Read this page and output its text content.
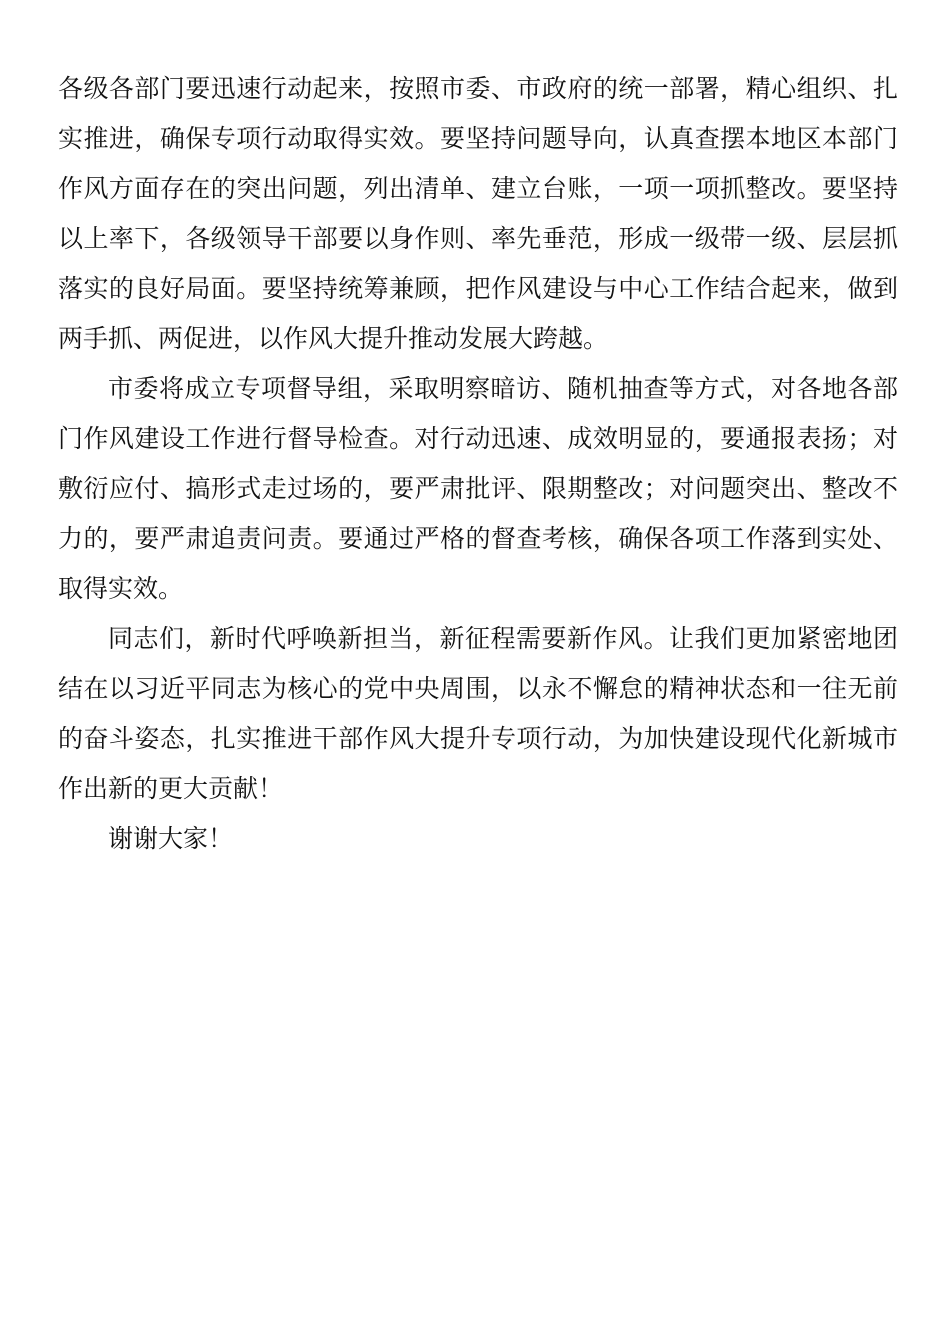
各级各部门要迅速行动起来，按照市委、市政府的统一部署，精心组织、扎实推进，确保专项行动取得实效。要坚持问题导向，认真查摆本地区本部门作风方面存在的突出问题，列出清单、建立台账，一项一项抓整改。要坚持以上率下，各级领导干部要以身作则、率先垂范，形成一级带一级、层层抓落实的良好局面。要坚持统筹兼顾，把作风建设与中心工作结合起来，做到两手抓、两促进，以作风大提升推动发展大跨越。

市委将成立专项督导组，采取明察暗访、随机抽查等方式，对各地各部门作风建设工作进行督导检查。对行动迅速、成效明显的，要通报表扬；对敷衍应付、搞形式走过场的，要严肃批评、限期整改；对问题突出、整改不力的，要严肃追责问责。要通过严格的督查考核，确保各项工作落到实处、取得实效。

同志们，新时代呼唤新担当，新征程需要新作风。让我们更加紧密地团结在以习近平同志为核心的党中央周围，以永不懈怠的精神状态和一往无前的奋斗姿态，扎实推进干部作风大提升专项行动，为加快建设现代化新城市作出新的更大贡献！

谢谢大家！
